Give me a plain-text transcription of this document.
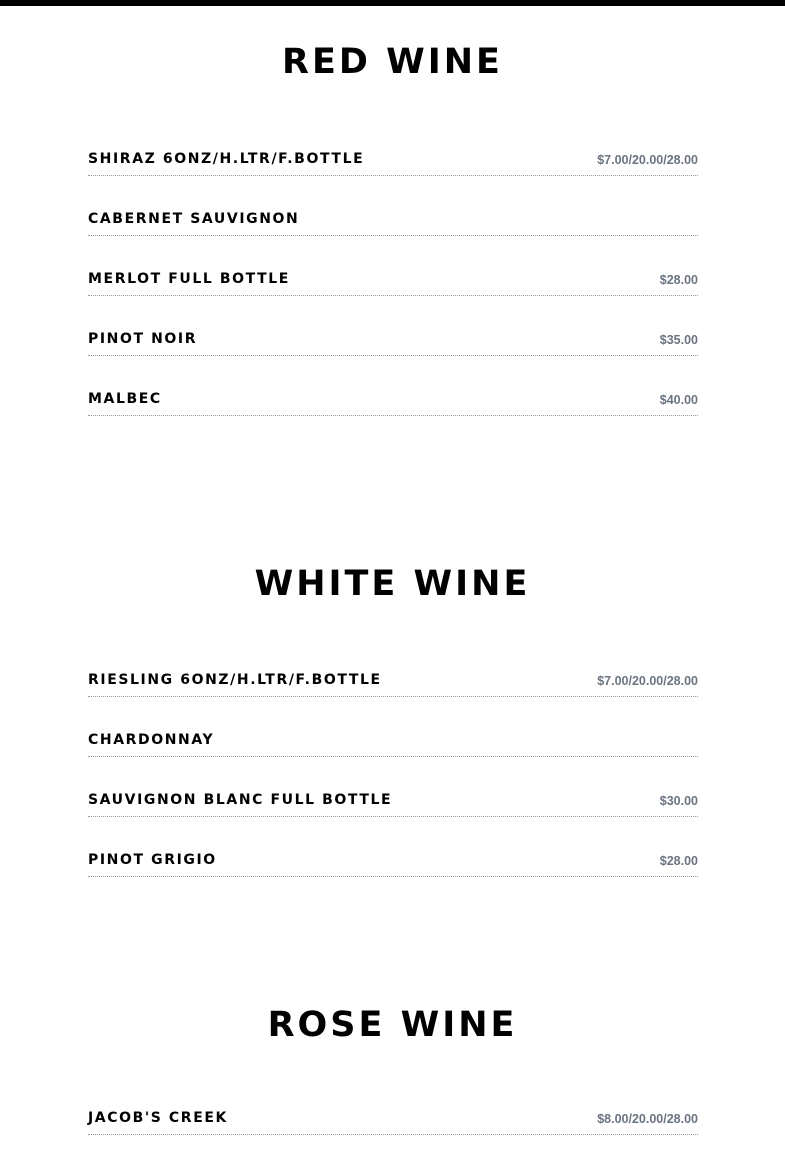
RED WINE
SHIRAZ 6ONZ/H.LTR/F.BOTTLE	$7.00/20.00/28.00
CABERNET SAUVIGNON
MERLOT FULL BOTTLE	$28.00
PINOT NOIR	$35.00
MALBEC	$40.00
WHITE WINE
RIESLING 6ONZ/H.LTR/F.BOTTLE	$7.00/20.00/28.00
CHARDONNAY
SAUVIGNON BLANC FULL BOTTLE	$30.00
PINOT GRIGIO	$28.00
ROSE WINE
JACOB'S CREEK	$8.00/20.00/28.00
